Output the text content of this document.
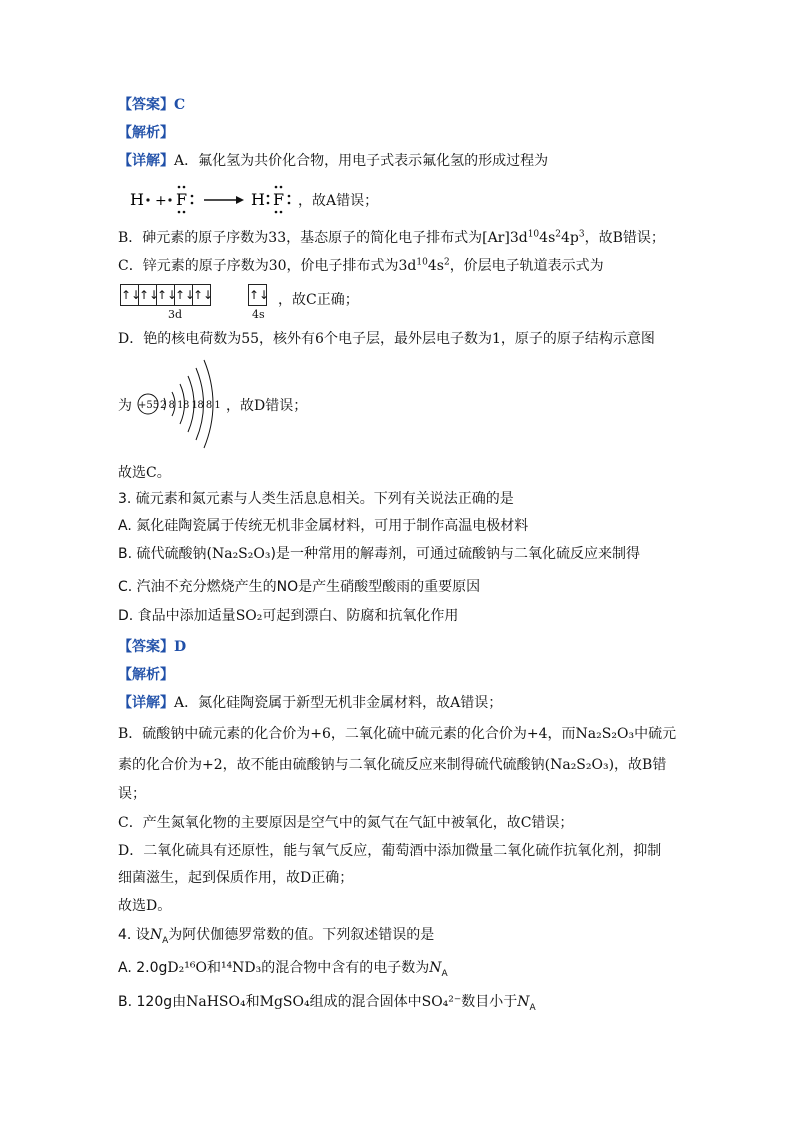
【答案】C
【解析】
【详解】A．氟化氢为共价化合物，用电子式表示氟化氢的形成过程为
H + F	H F ，故A错误；
B．砷元素的原子序数为33，基态原子的简化电子排布式为$[Ar]3d^{10}4s^24p^3$，故B错误；
C．锌元素的原子序数为30，价电子排布式为$3d^{10}4s^2$，价层电子轨道表示式为
↑↓↑↓↑↓↑↓↑↓	↑↓
3d	4s
，故C正确；
D．铯的核电荷数为55，核外有6个电子层，最外层电子数为1，原子的原子结构示意图
为 +55 2 8 18 18 8 1 ，故D错误；
故选C。
3. 硫元素和氮元素与人类生活息息相关。下列有关说法正确的是
A. 氮化硅陶瓷属于传统无机非金属材料，可用于制作高温电极材料
B. 硫代硫酸钠(Na₂S₂O₃)是一种常用的解毒剂，可通过硫酸钠与二氧化硫反应来制得
C. 汽油不充分燃烧产生的NO是产生硝酸型酸雨的重要原因
D. 食品中添加适量SO₂可起到漂白、防腐和抗氧化作用
【答案】D
【解析】
【详解】A．氮化硅陶瓷属于新型无机非金属材料，故A错误；
B．硫酸钠中硫元素的化合价为+6，二氧化硫中硫元素的化合价为+4，而Na₂S₂O₃中硫元
素的化合价为+2，故不能由硫酸钠与二氧化硫反应来制得硫代硫酸钠(Na₂S₂O₃)，故B错
误；
C．产生氮氧化物的主要原因是空气中的氮气在气缸中被氧化，故C错误；
D．二氧化硫具有还原性，能与氧气反应，葡萄酒中添加微量二氧化硫作抗氧化剂，抑制
细菌滋生，起到保质作用，故D正确；
故选D。
4. 设$N_A$为阿伏伽德罗常数的值。下列叙述错误的是
A. 2.0gD₂¹⁶O和¹⁴ND₃的混合物中含有的电子数为$N_A$
B. 120g由NaHSO₄和MgSO₄组成的混合固体中SO₄²⁻数目小于$N_A$
